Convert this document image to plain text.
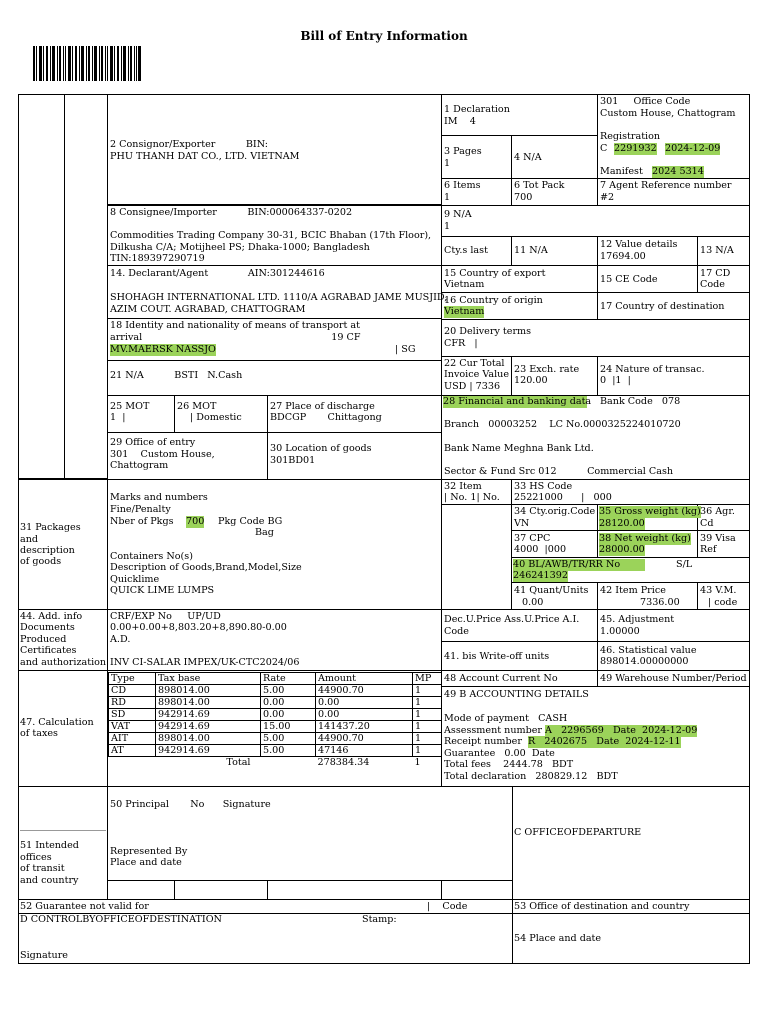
Bill of Entry Information
2 Consignor/Exporter          BIN:
PHU THANH DAT CO., LTD. VIETNAM
1 Declaration
IM    4
301     Office Code
Custom House, Chattogram
Registration
C 2291932 2024-12-09
Manifest 2024 5314
3 Pages
1
4 N/A
6 Items
1
6 Tot Pack
700
7 Agent Reference number
#2
8 Consignee/Importer          BIN:000064337-0202
Commodities Trading Company 30-31, BCIC Bhaban (17th Floor),
Dilkusha C/A; Motijheel PS; Dhaka-1000; Bangladesh
TIN:189397290719
9 N/A
1
Cty.s last	11 N/A
12 Value details
17694.00
13 N/A
14. Declarant/Agent             AIN:301244616
SHOHAGH INTERNATIONAL LTD. 1110/A AGRABAD JAME MUSJID,
AZIM COUT. AGRABAD, CHATTOGRAM
15 Country of export
Vietnam	15 CE Code
17 CD
Code
16 Country of origin
Vietnam	17 Country of destination
18 Identity and nationality of means of transport at
arrival                                                              19 CF
MV.MAERSK NASSJO	| SG
20 Delivery terms
CFR   |
21 N/A          BSTI   N.Cash
22 Cur Total
Invoice Value
USD | 7336
23 Exch. rate
120.00
24 Nature of transac.
0  |1  |
25 MOT
1  |
26 MOT
| Domestic
27 Place of discharge
BDCGP       Chittagong
28 Financial and banking data Bank Code   078
Branch   00003252    LC No.0000325224010720
Bank Name Meghna Bank Ltd.
Sector & Fund Src 012          Commercial Cash
29 Office of entry
301    Custom House,
Chattogram
30 Location of goods
301BD01
31 Packages
and
description
of goods
Marks and numbers
Fine/Penalty
Nber of Pkgs 700 Pkg Code BG
Bag
Containers No(s)
Description of Goods,Brand,Model,Size
Quicklime
QUICK LIME LUMPS
32 Item
| No. 1| No.
33 HS Code
25221000      |   000
34 Cty.orig.Code
VN
35 Gross weight (kg)
28120.00
36 Agr.
Cd
37 CPC
4000  |000
38 Net weight (kg)
28000.00
39 Visa
Ref
40 BL/AWB/TR/RR No	S/L
246241392
41 Quant/Units
0.00
42 Item Price
7336.00
43 V.M.
| code
44. Add. info
Documents
Produced
Certificates
and authorization
CRF/EXP No     UP/UD
0.00+0.00+8,803.20+8,890.80-0.00
A.D.
INV CI-SALAR IMPEX/UK-CTC2024/06
Dec.U.Price Ass.U.Price A.I.
Code
45. Adjustment
1.00000
41. bis Write-off units
46. Statistical value
898014.00000000
47. Calculation
of taxes
Type	Tax base	Rate	Amount	MP
CD	898014.00	5.00	44900.70	1
RD	898014.00	0.00	0.00	1
SD	942914.69	0.00	0.00	1
VAT	942914.69	15.00	141437.20	1
AIT	898014.00	5.00	44900.70	1
AT	942914.69	5.00	47146	1
	Total		278384.34	1
48 Account Current No	49 Warehouse Number/Period
49 B ACCOUNTING DETAILS
Mode of payment   CASH
Assessment number A   2296569   Date  2024-12-09
Receipt number R   2402675   Date  2024-12-11
Guarantee   0.00  Date
Total fees    2444.78   BDT
Total declaration   280829.12   BDT
50 Principal       No      Signature
51 Intended
offices
of transit
and country
Represented By
Place and date
C OFFICEOFDEPARTURE
52 Guarantee not valid for	|    Code	53 Office of destination and country
D CONTROLBYOFFICEOFDESTINATION	Stamp:
54 Place and date
Signature
